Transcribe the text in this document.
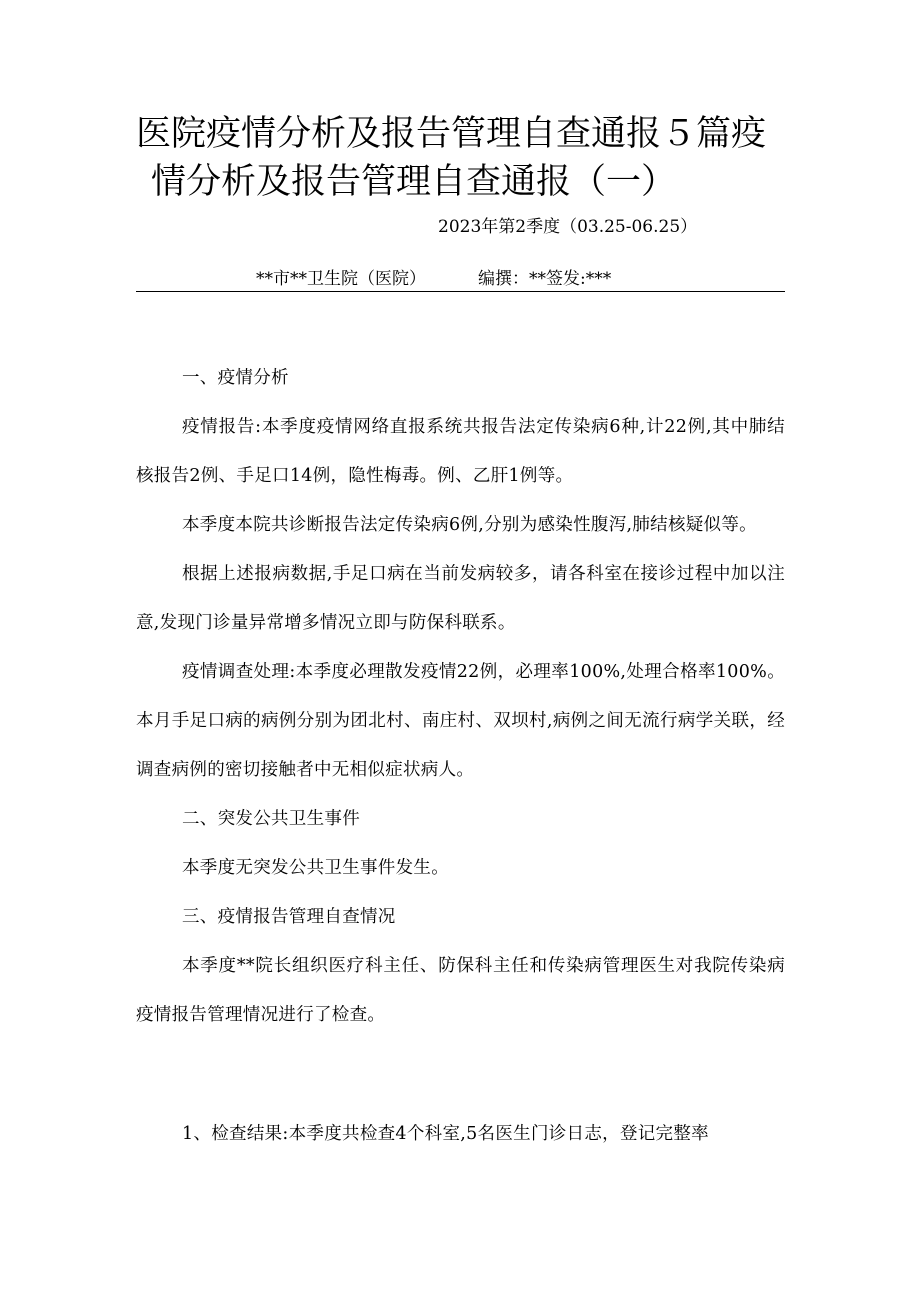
医院疫情分析及报告管理自查通报５篇疫
情分析及报告管理自查通报（一）
2023年第2季度（03.25-06.25）
**市**卫生院（医院）	编撰：**签发:***

一、疫情分析

疫情报告:本季度疫情网络直报系统共报告法定传染病6种,计22例,其中肺结核报告2例、手足口14例，隐性梅毒。例、乙肝1例等。

本季度本院共诊断报告法定传染病6例,分别为感染性腹泻,肺结核疑似等。

根据上述报病数据,手足口病在当前发病较多，请各科室在接诊过程中加以注意,发现门诊量异常增多情况立即与防保科联系。

疫情调查处理:本季度必理散发疫情22例，必理率100%,处理合格率100%。本月手足口病的病例分别为团北村、南庄村、双坝村,病例之间无流行病学关联，经调查病例的密切接触者中无相似症状病人。

二、突发公共卫生事件

本季度无突发公共卫生事件发生。

三、疫情报告管理自查情况

本季度**院长组织医疗科主任、防保科主任和传染病管理医生对我院传染病疫情报告管理情况进行了检查。

1、检查结果:本季度共检查4个科室,5名医生门诊日志，登记完整率
